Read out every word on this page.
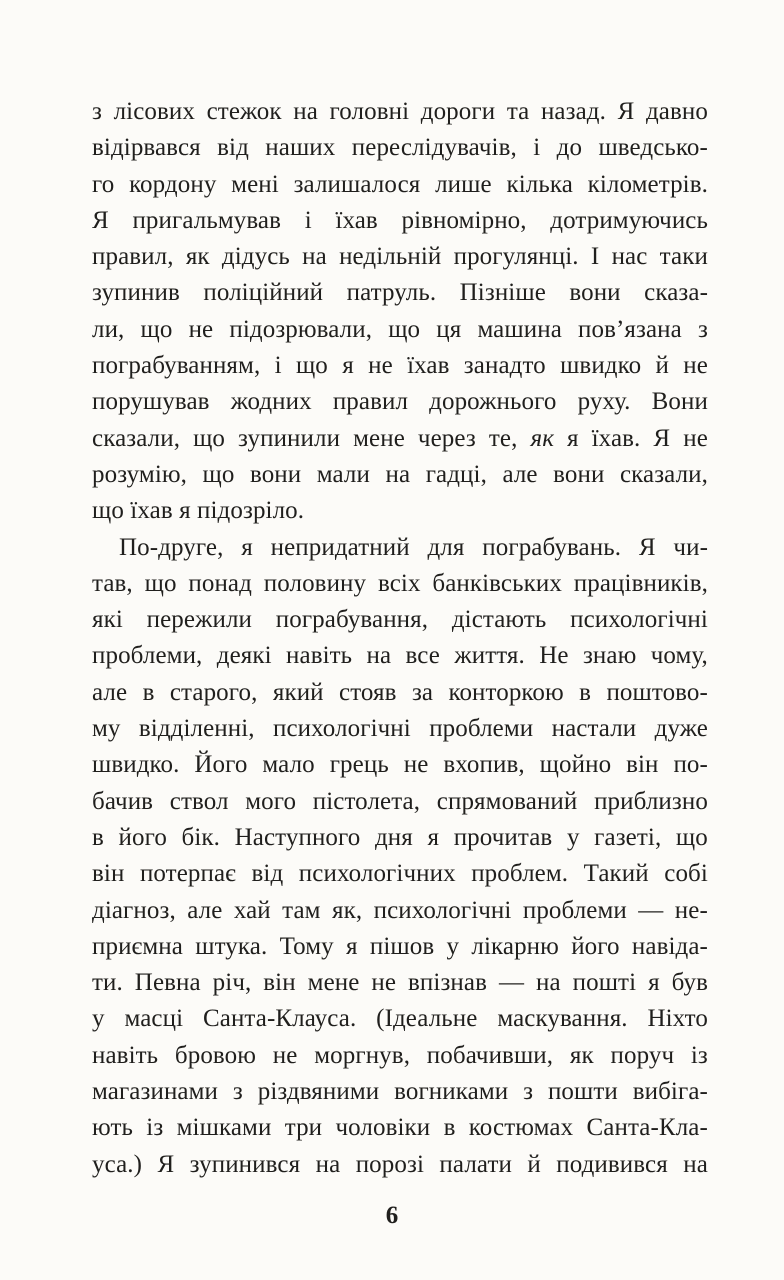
з лісових стежок на головні дороги та назад. Я давно
відірвався від наших переслідувачів, і до шведсько-
го кордону мені залишалося лише кілька кілометрів.
Я пригальмував і їхав рівномірно, дотримуючись
правил, як дідусь на недільній прогулянці. І нас таки
зупинив поліційний патруль. Пізніше вони сказа-
ли, що не підозрювали, що ця машина пов’язана з
пограбуванням, і що я не їхав занадто швидко й не
порушував жодних правил дорожнього руху. Вони
сказали, що зупинили мене через те, як я їхав. Я не
розумію, що вони мали на гадці, але вони сказали,
що їхав я підозріло.
По-друге, я непридатний для пограбувань. Я чи-
тав, що понад половину всіх банківських працівників,
які пережили пограбування, дістають психологічні
проблеми, деякі навіть на все життя. Не знаю чому,
але в старого, який стояв за конторкою в поштово-
му відділенні, психологічні проблеми настали дуже
швидко. Його мало грець не вхопив, щойно він по-
бачив ствол мого пістолета, спрямований приблизно
в його бік. Наступного дня я прочитав у газеті, що
він потерпає від психологічних проблем. Такий собі
діагноз, але хай там як, психологічні проблеми — не-
приємна штука. Тому я пішов у лікарню його навіда-
ти. Певна річ, він мене не впізнав — на пошті я був
у масці Санта-Клауса. (Ідеальне маскування. Ніхто
навіть бровою не моргнув, побачивши, як поруч із
магазинами з різдвяними вогниками з пошти вибіга-
ють із мішками три чоловіки в костюмах Санта-Кла-
уса.) Я зупинився на порозі палати й подивився на
6
